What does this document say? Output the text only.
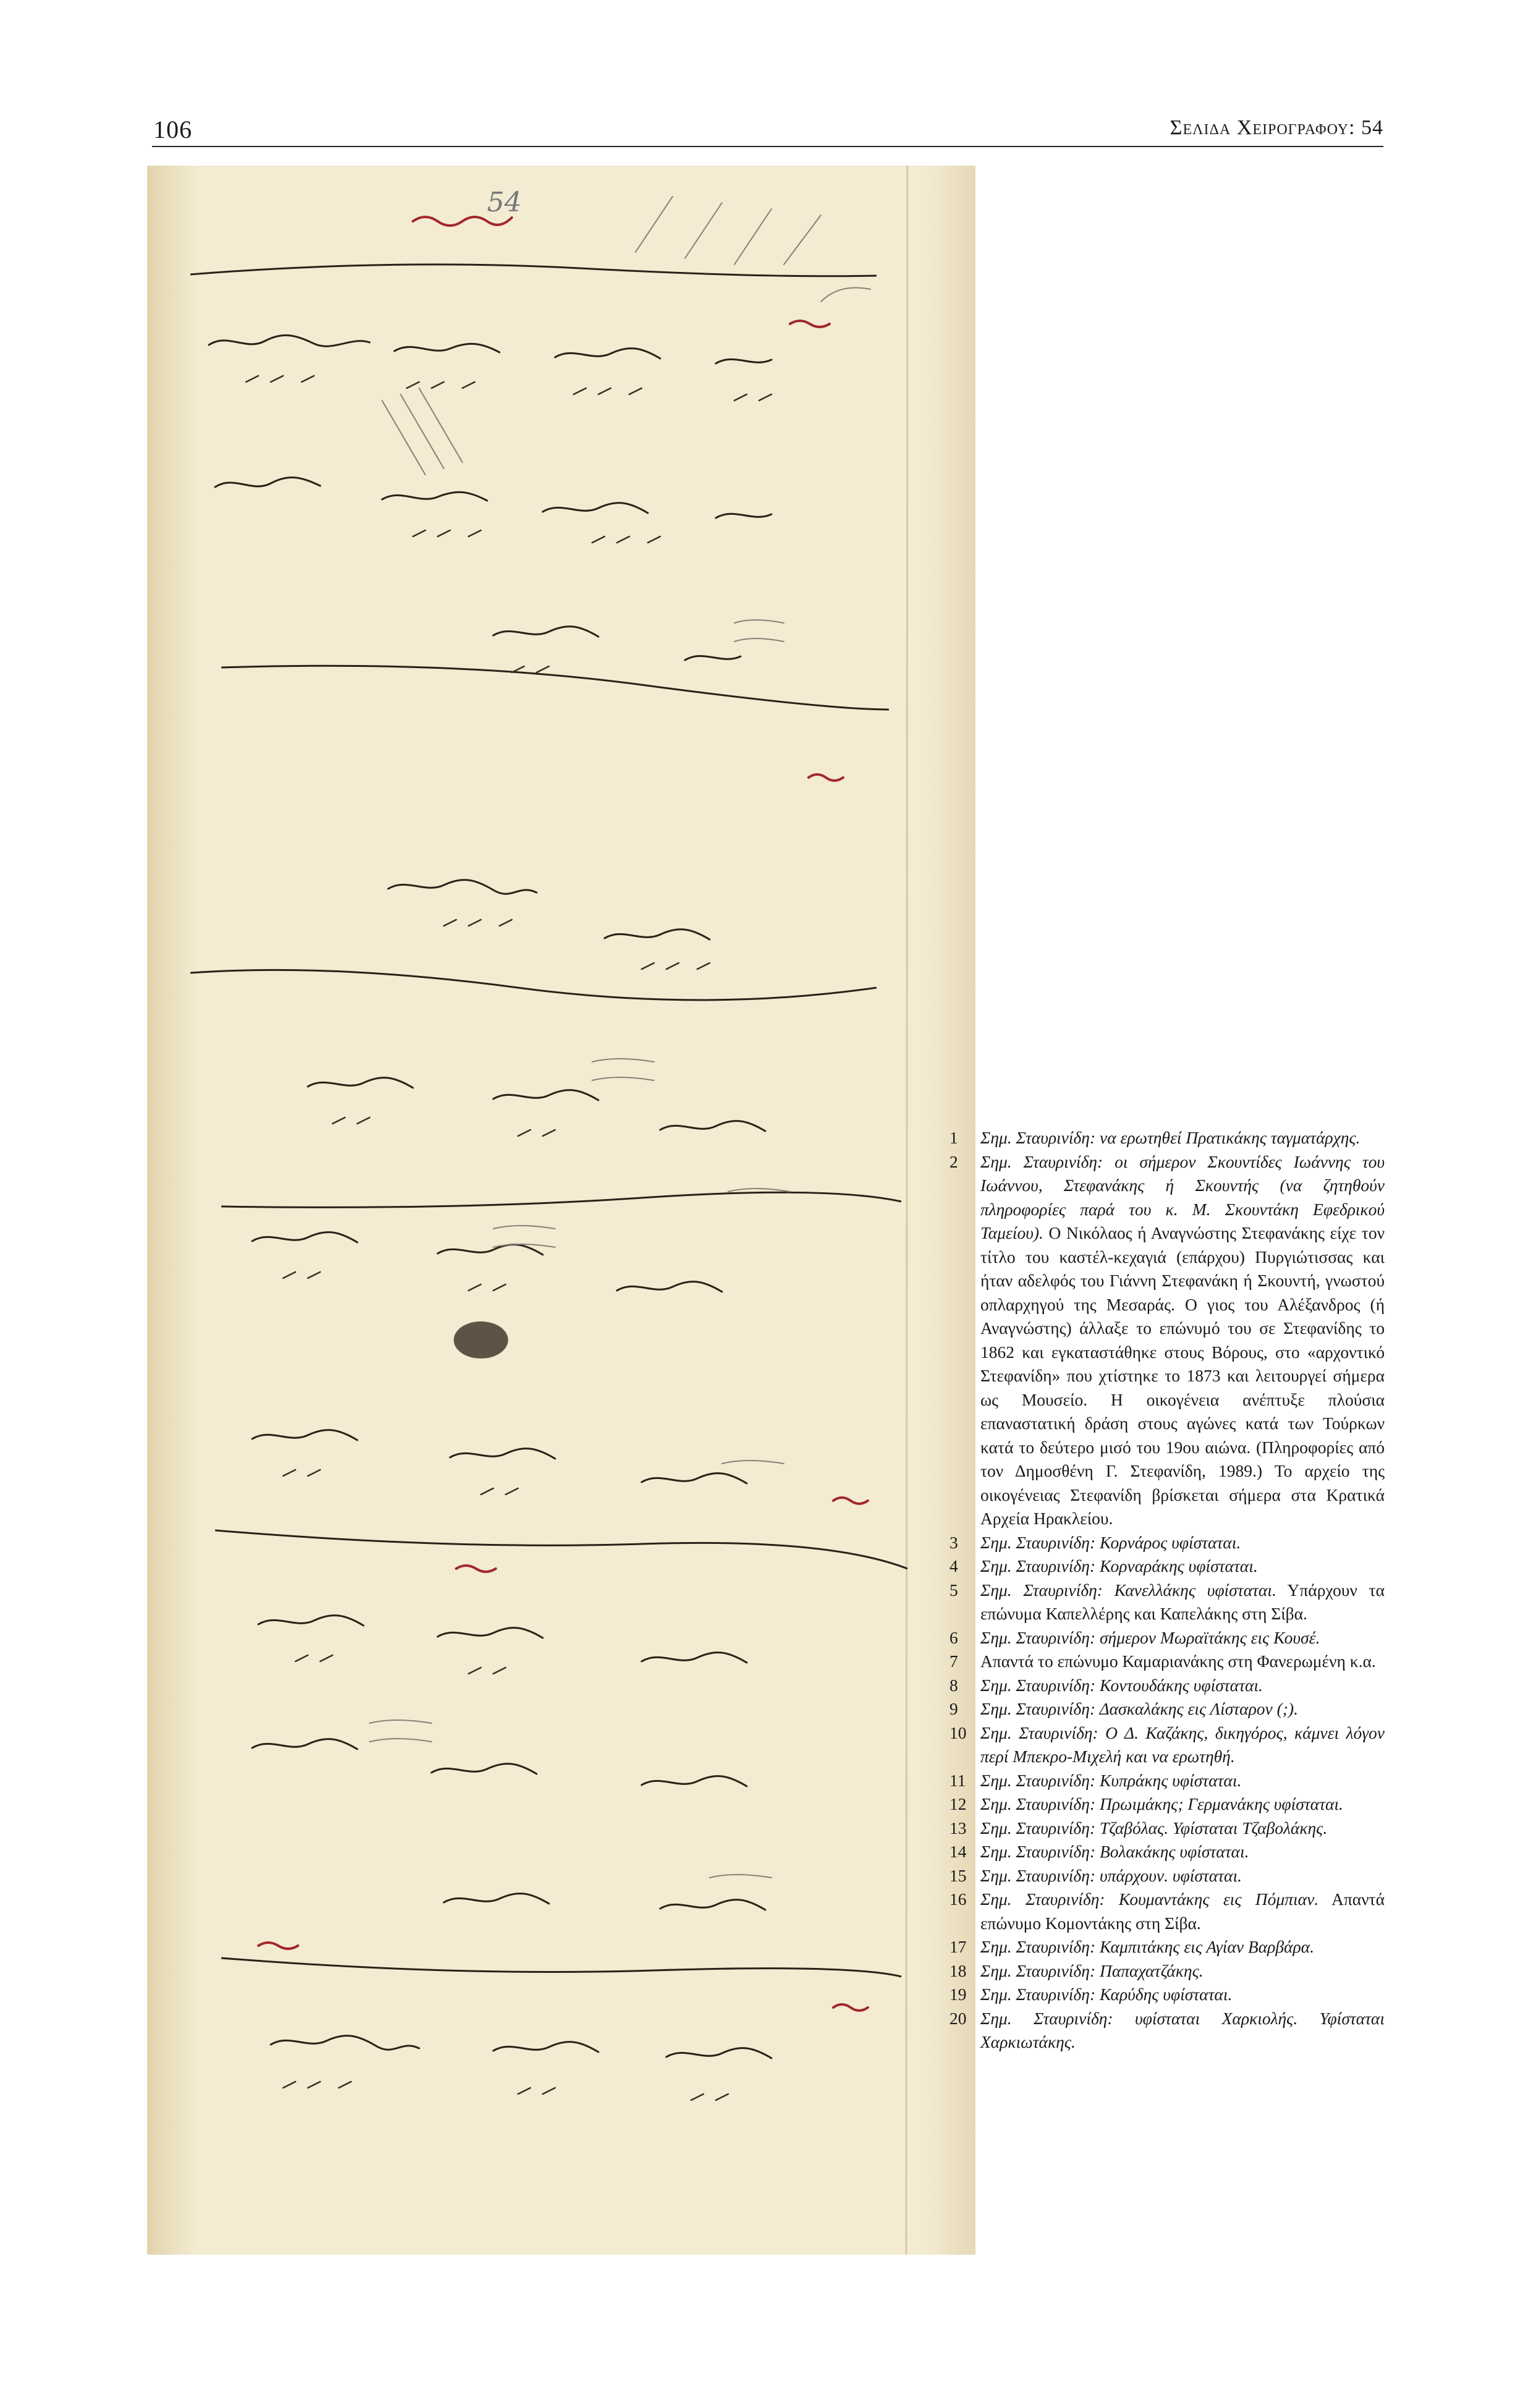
106	Σελιδα Χειρογραφου: 54
54
1	Σημ. Σταυρινίδη: να ερωτηθεί Πρατικάκης ταγματάρχης.
2	Σημ. Σταυρινίδη: οι σήμερον Σκουντίδες Ιωάννης του Ιωάννου, Στεφανάκης ή Σκουντής (να ζητηθούν πληροφορίες παρά του κ. Μ. Σκουντάκη Εφεδρικού Ταμείου). Ο Νικόλαος ή Αναγνώστης Στεφανάκης είχε τον τίτλο του καστέλ-κεχαγιά (επάρχου) Πυργιώτισσας και ήταν αδελφός του Γιάννη Στεφανάκη ή Σκουντή, γνωστού οπλαρχηγού της Μεσαράς. Ο γιος του Αλέξανδρος (ή Αναγνώστης) άλλαξε το επώνυμό του σε Στεφανίδης το 1862 και εγκαταστάθηκε στους Βόρους, στο «αρχοντικό Στεφανίδη» που χτίστηκε το 1873 και λειτουργεί σήμερα ως Μουσείο. Η οικογένεια ανέπτυξε πλούσια επαναστατική δράση στους αγώνες κατά των Τούρκων κατά το δεύτερο μισό του 19ου αιώνα. (Πληροφορίες από τον Δημοσθένη Γ. Στεφανίδη, 1989.) Το αρχείο της οικογένειας Στεφανίδη βρίσκεται σήμερα στα Κρατικά Αρχεία Ηρακλείου.
3	Σημ. Σταυρινίδη: Κορνάρος υφίσταται.
4	Σημ. Σταυρινίδη: Κορναράκης υφίσταται.
5	Σημ. Σταυρινίδη: Κανελλάκης υφίσταται. Υπάρχουν τα επώνυμα Καπελλέρης και Καπελάκης στη Σίβα.
6	Σημ. Σταυρινίδη: σήμερον Μωραϊτάκης εις Κουσέ.
7	Απαντά το επώνυμο Καμαριανάκης στη Φανερωμένη κ.α.
8	Σημ. Σταυρινίδη: Κοντουδάκης υφίσταται.
9	Σημ. Σταυρινίδη: Δασκαλάκης εις Λίσταρον (;).
10 Σημ. Σταυρινίδη: Ο Δ. Καζάκης, δικηγόρος, κάμνει λόγον περί Μπεκρο-Μιχελή και να ερωτηθή.
11 Σημ. Σταυρινίδη: Κυπράκης υφίσταται.
12 Σημ. Σταυρινίδη: Πρωιμάκης; Γερμανάκης υφίσταται.
13 Σημ. Σταυρινίδη: Τζαβόλας. Υφίσταται Τζαβολάκης.
14 Σημ. Σταυρινίδη: Βολακάκης υφίσταται.
15 Σημ. Σταυρινίδη: υπάρχουν. υφίσταται.
16 Σημ. Σταυρινίδη: Κουμαντάκης εις Πόμπιαν. Απαντά επώνυμο Κομοντάκης στη Σίβα.
17 Σημ. Σταυρινίδη: Καμπιτάκης εις Αγίαν Βαρβάρα.
18 Σημ. Σταυρινίδη: Παπαχατζάκης.
19 Σημ. Σταυρινίδη: Καρύδης υφίσταται.
20 Σημ. Σταυρινίδη: υφίσταται Χαρκιολής. Υφίσταται Χαρκιωτάκης.
